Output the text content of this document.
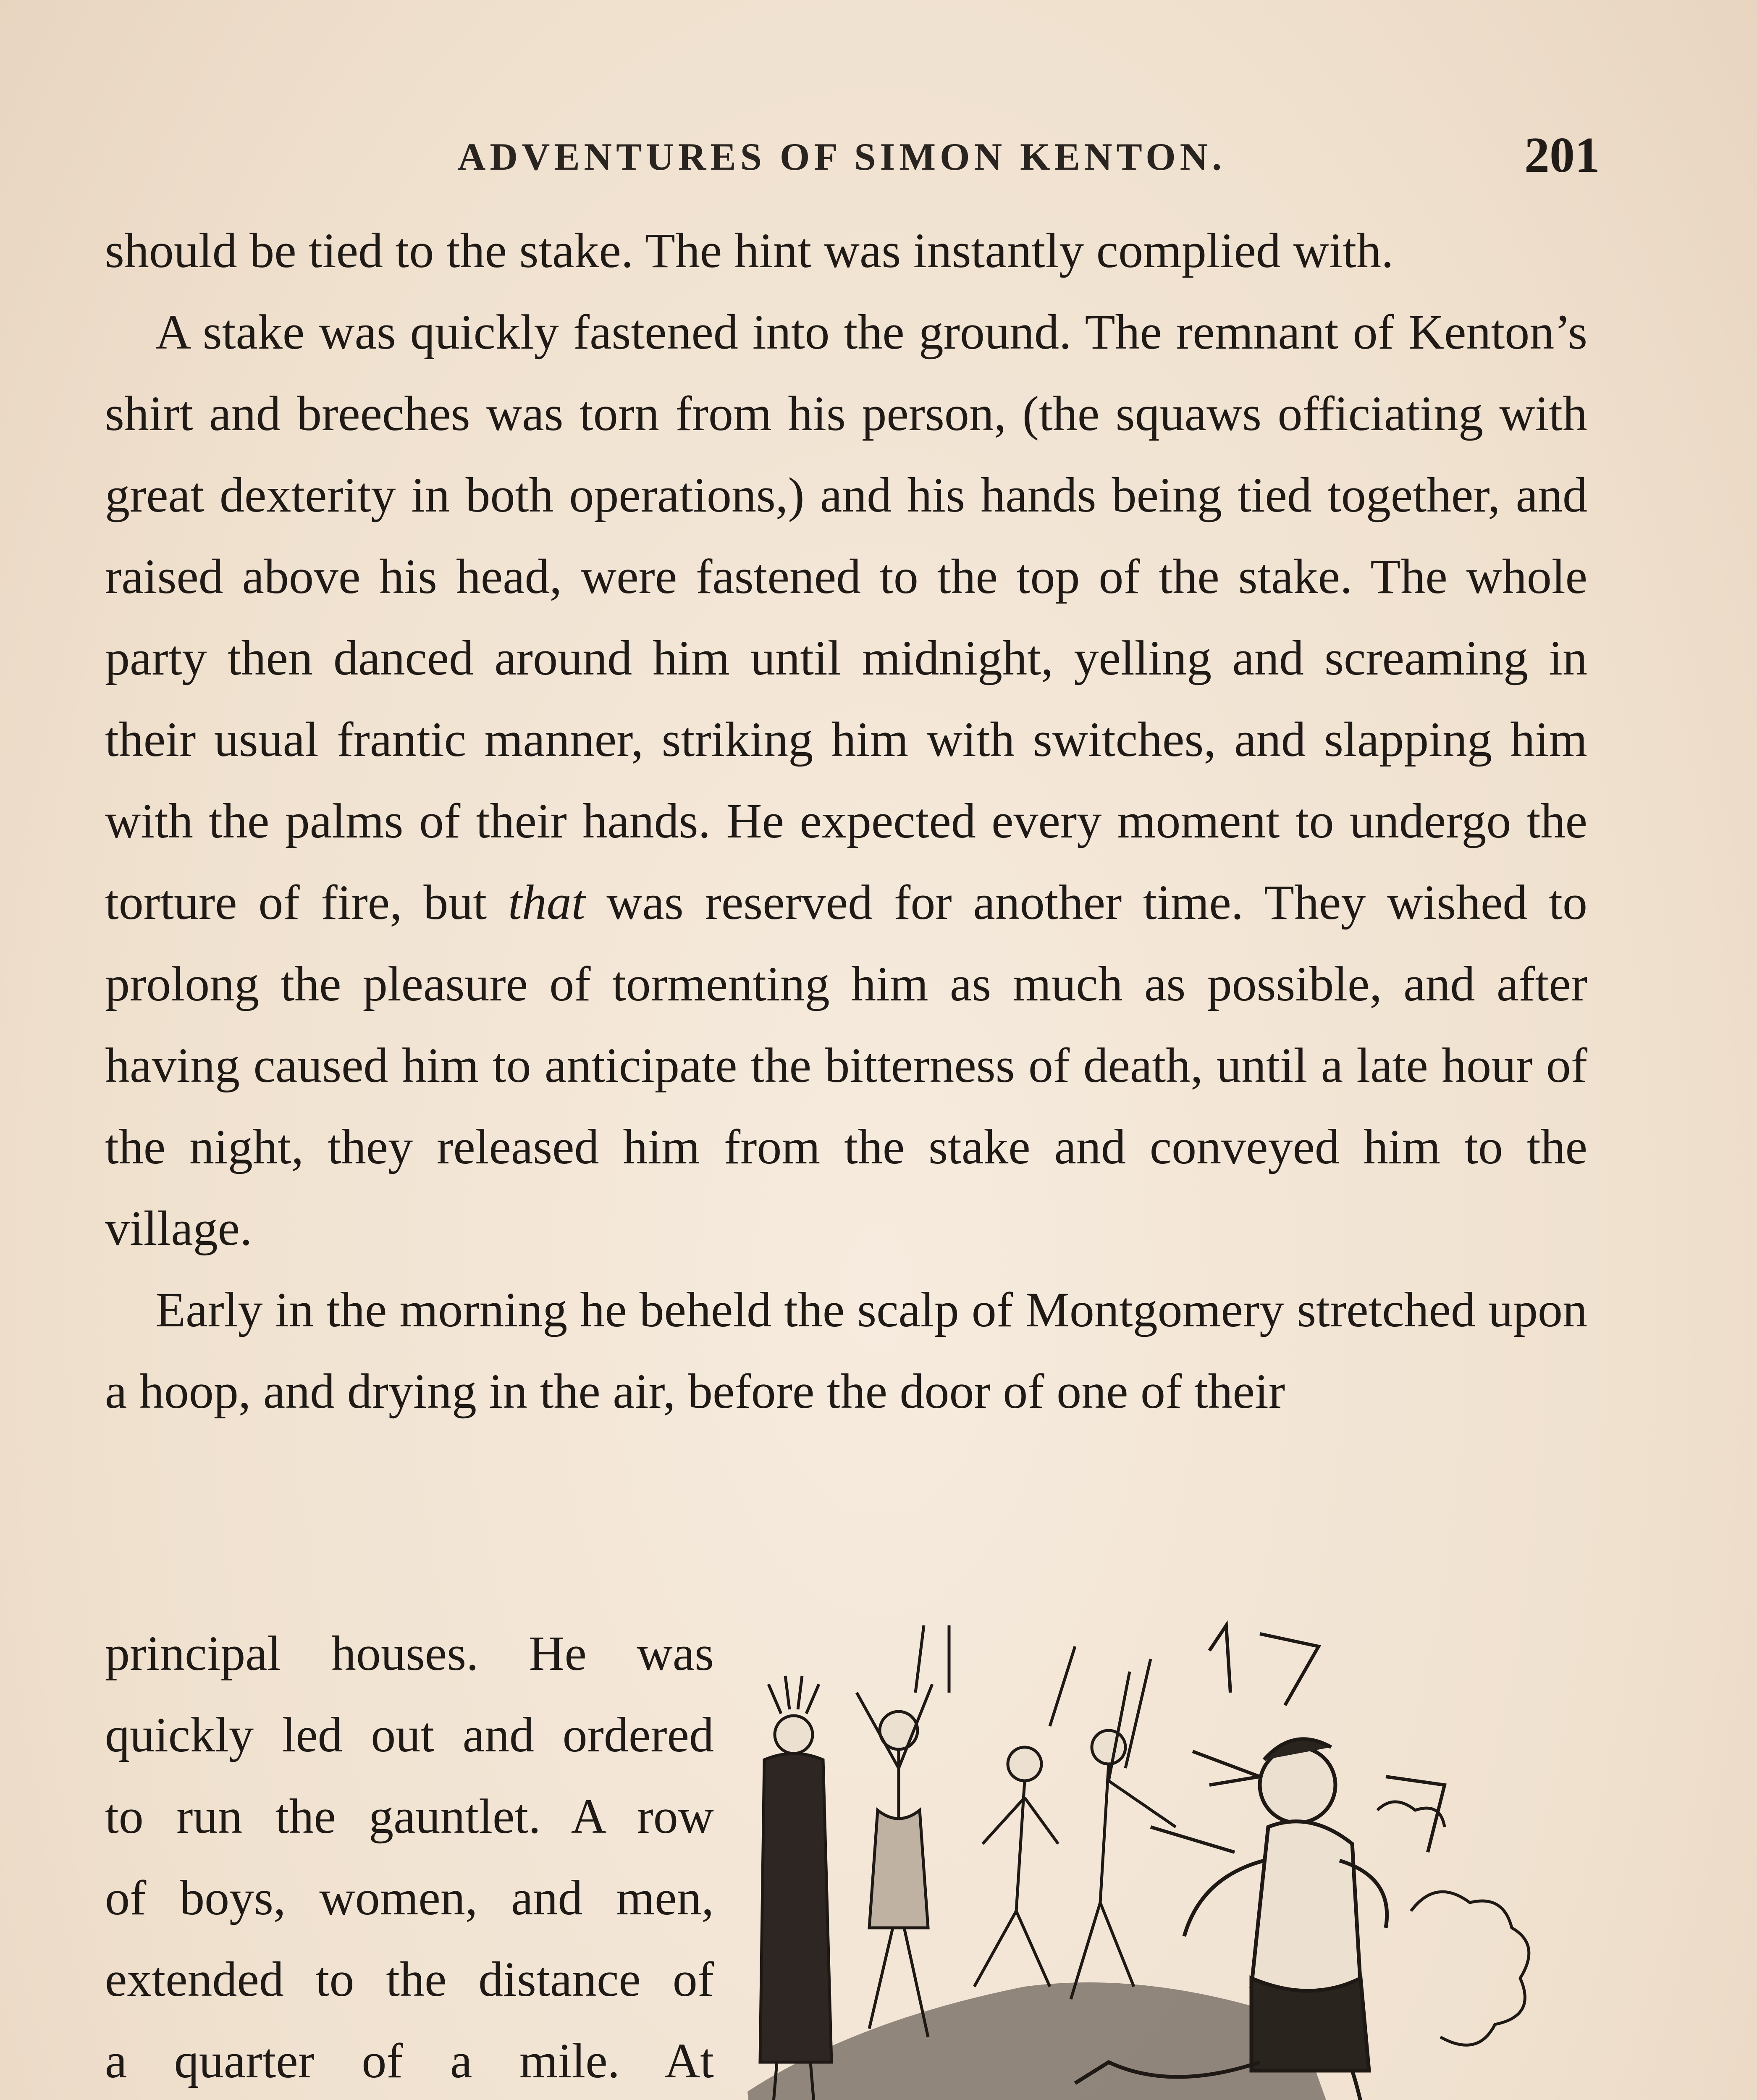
ADVENTURES OF SIMON KENTON.	201

should be tied to the stake. The hint was instantly complied with.

A stake was quickly fastened into the ground. The remnant of Kenton’s shirt and breeches was torn from his person, (the squaws officiating with great dexterity in both operations,) and his hands being tied together, and raised above his head, were fastened to the top of the stake. The whole party then danced around him until midnight, yelling and screaming in their usual frantic manner, striking him with switches, and slapping him with the palms of their hands. He expected every moment to undergo the torture of fire, but that was reserved for another time. They wished to prolong the pleasure of tormenting him as much as possible, and after having caused him to anticipate the bitterness of death, until a late hour of the night, they released him from the stake and conveyed him to the village.

Early in the morning he beheld the scalp of Montgomery stretched upon a hoop, and drying in the air, before the door of one of their

principal houses. He was
quickly led out and ordered
to run the gauntlet. A row
of boys, women, and men,
extended to the distance of
a quarter of a mile. At
